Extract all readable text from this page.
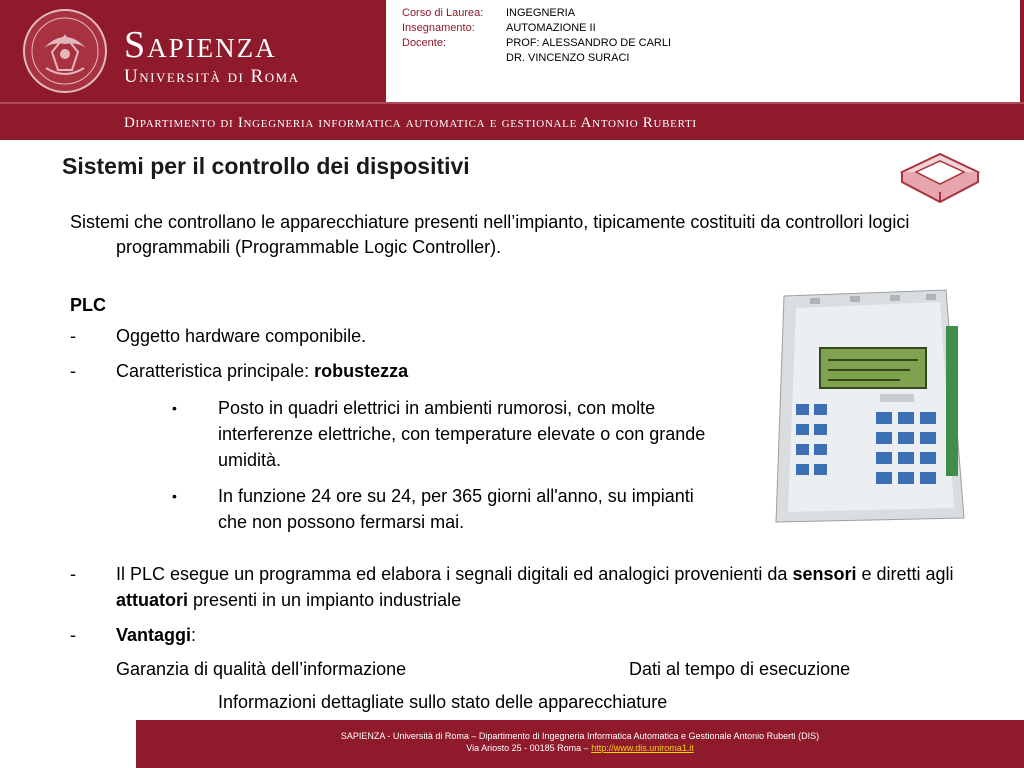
Sapienza
Università di Roma
Corso di Laurea:	INGEGNERIA
Insegnamento:	AUTOMAZIONE II
Docente:	PROF: ALESSANDRO DE CARLI
DR. VINCENZO SURACI
Dipartimento di Ingegneria informatica automatica e gestionale Antonio Ruberti
Sistemi per il controllo dei dispositivi
Sistemi che controllano le apparecchiature presenti nell’impianto, tipicamente costituiti da controllori logici programmabili (Programmable Logic Controller).
PLC
- Oggetto hardware componibile.
- Caratteristica principale: robustezza
• Posto in quadri elettrici in ambienti rumorosi, con molte interferenze elettriche, con temperature elevate o con grande umidità.
• In funzione 24 ore su 24, per 365 giorni all'anno, su impianti che non possono fermarsi mai.
- Il PLC esegue un programma ed elabora i segnali digitali ed analogici provenienti da sensori e diretti agli attuatori presenti in un impianto industriale
- Vantaggi:
Garanzia di qualità dell’informazione	Dati al tempo di esecuzione
Informazioni dettagliate sullo stato delle apparecchiature
SAPIENZA - Università di Roma – Dipartimento di Ingegneria Informatica Automatica e Gestionale Antonio Ruberti (DIS)
Via Ariosto 25 - 00185 Roma – http://www.dis.uniroma1.it
